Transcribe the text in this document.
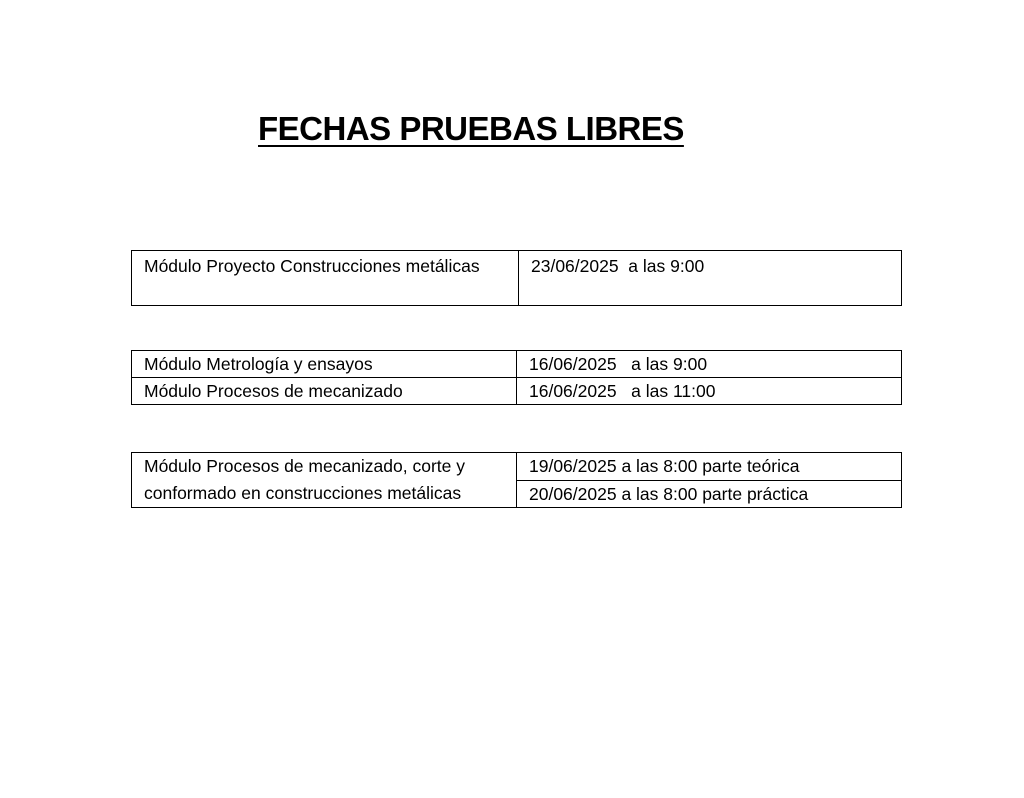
FECHAS PRUEBAS LIBRES
Módulo Proyecto Construcciones metálicas	23/06/2025  a las 9:00
Módulo Metrología y ensayos	16/06/2025   a las 9:00
Módulo Procesos de mecanizado	16/06/2025   a las 11:00
Módulo Procesos de mecanizado, corte y conformado en construcciones metálicas	19/06/2025 a las 8:00 parte teórica
20/06/2025 a las 8:00 parte práctica
